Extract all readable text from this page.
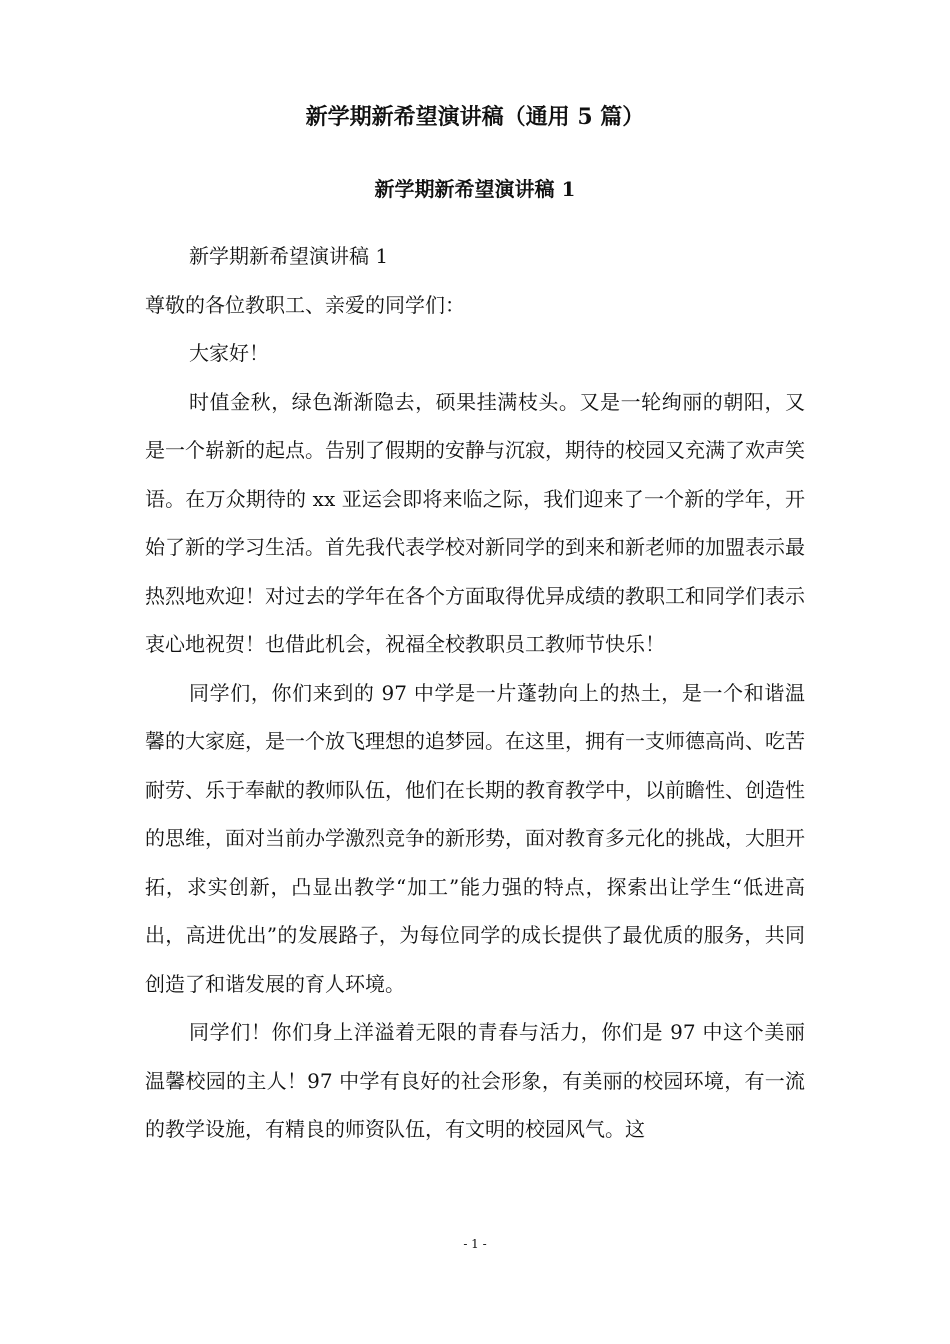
新学期新希望演讲稿（通用 5 篇）
新学期新希望演讲稿 1

新学期新希望演讲稿 1

尊敬的各位教职工、亲爱的同学们：

大家好！

时值金秋，绿色渐渐隐去，硕果挂满枝头。又是一轮绚丽的朝阳，又是一个崭新的起点。告别了假期的安静与沉寂，期待的校园又充满了欢声笑语。在万众期待的 xx 亚运会即将来临之际，我们迎来了一个新的学年，开始了新的学习生活。首先我代表学校对新同学的到来和新老师的加盟表示最热烈地欢迎！对过去的学年在各个方面取得优异成绩的教职工和同学们表示衷心地祝贺！也借此机会，祝福全校教职员工教师节快乐！

同学们，你们来到的 97 中学是一片蓬勃向上的热土，是一个和谐温馨的大家庭，是一个放飞理想的追梦园。在这里，拥有一支师德高尚、吃苦耐劳、乐于奉献的教师队伍，他们在长期的教育教学中，以前瞻性、创造性的思维，面对当前办学激烈竞争的新形势，面对教育多元化的挑战，大胆开拓，求实创新，凸显出教学“加工”能力强的特点，探索出让学生“低进高出，高进优出”的发展路子，为每位同学的成长提供了最优质的服务，共同创造了和谐发展的育人环境。

同学们！你们身上洋溢着无限的青春与活力，你们是 97 中这个美丽温馨校园的主人！97 中学有良好的社会形象，有美丽的校园环境，有一流的教学设施，有精良的师资队伍，有文明的校园风气。这

- 1 -
